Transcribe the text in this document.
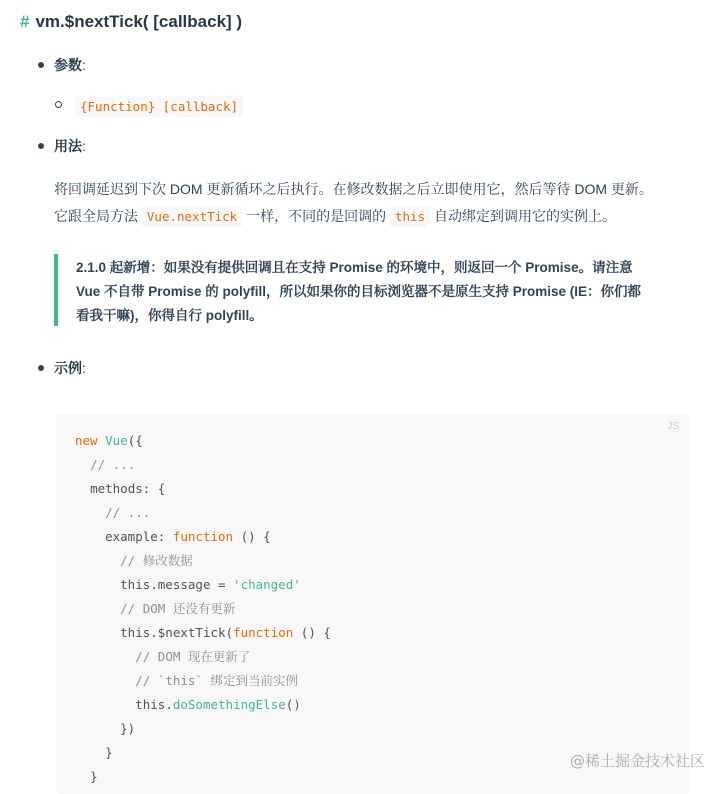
# vm.$nextTick( [callback] )
参数:
{Function} [callback]
用法:
将回调延迟到下次 DOM 更新循环之后执行。在修改数据之后立即使用它，然后等待 DOM 更新。
它跟全局方法 Vue.nextTick 一样，不同的是回调的 this 自动绑定到调用它的实例上。
2.1.0 起新增：如果没有提供回调且在支持 Promise 的环境中，则返回一个 Promise。请注意
Vue 不自带 Promise 的 polyfill，所以如果你的目标浏览器不是原生支持 Promise (IE：你们都
看我干嘛)，你得自行 polyfill。
示例:
JS
new Vue({
// ...
methods: {
// ...
example: function () {
// 修改数据
this.message = 'changed'
// DOM 还没有更新
this.$nextTick(function () {
// DOM 现在更新了
// `this` 绑定到当前实例
this.doSomethingElse()
})
}
}
@稀土掘金技术社区
